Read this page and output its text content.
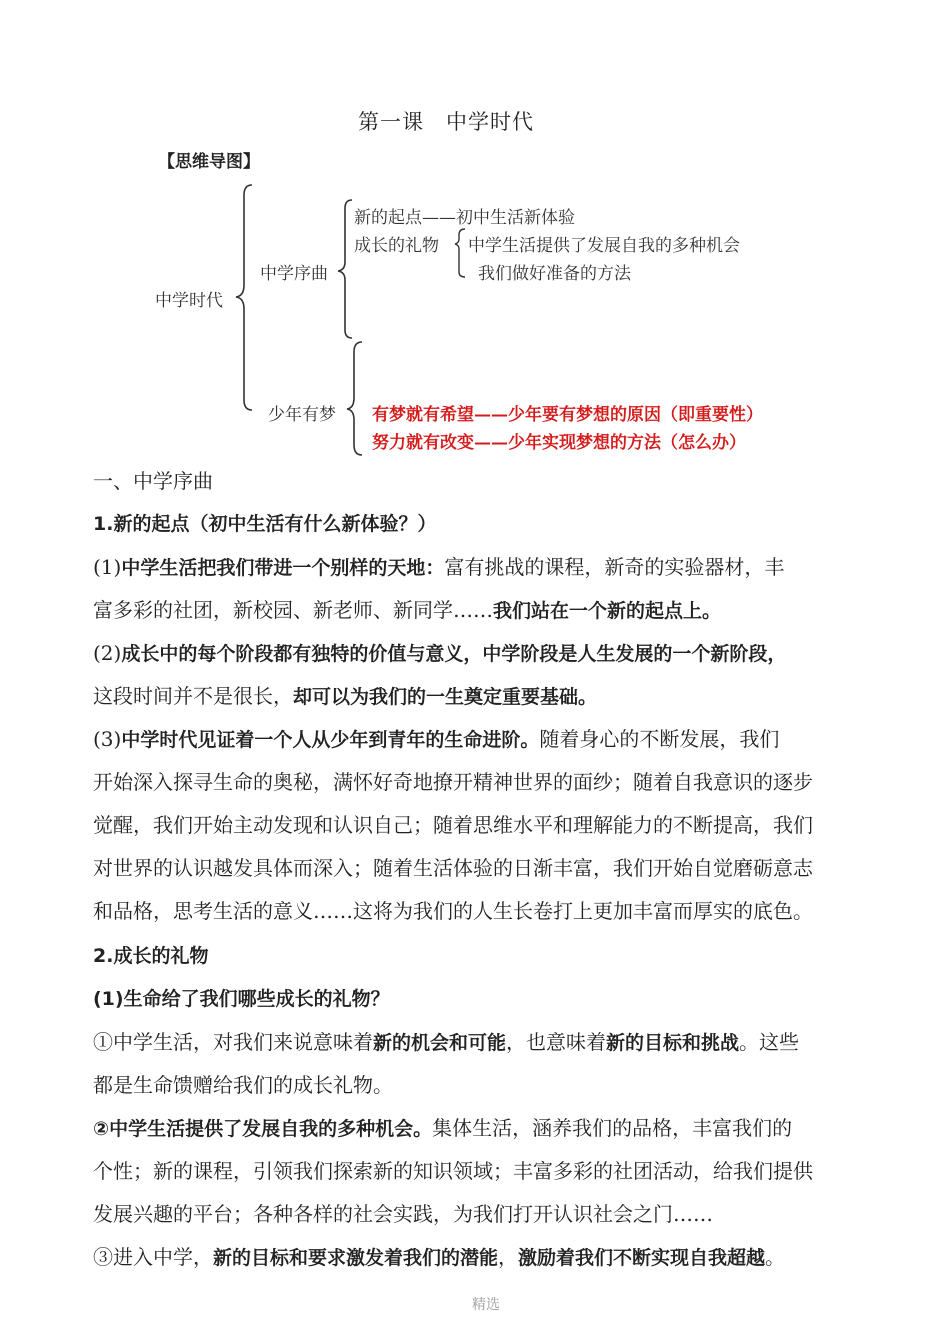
第一课　中学时代
【思维导图】
中学时代
中学序曲
新的起点——初中生活新体验
成长的礼物 中学生活提供了发展自我的多种机会
我们做好准备的方法
少年有梦 有梦就有希望——少年要有梦想的原因（即重要性）
努力就有改变——少年实现梦想的方法（怎么办）
一、中学序曲
1.新的起点（初中生活有什么新体验？）
(1)中学生活把我们带进一个别样的天地：富有挑战的课程，新奇的实验器材，丰
富多彩的社团，新校园、新老师、新同学……我们站在一个新的起点上。
(2)成长中的每个阶段都有独特的价值与意义，中学阶段是人生发展的一个新阶段，
这段时间并不是很长，却可以为我们的一生奠定重要基础。
(3)中学时代见证着一个人从少年到青年的生命进阶。随着身心的不断发展，我们
开始深入探寻生命的奥秘，满怀好奇地撩开精神世界的面纱；随着自我意识的逐步
觉醒，我们开始主动发现和认识自己；随着思维水平和理解能力的不断提高，我们
对世界的认识越发具体而深入；随着生活体验的日渐丰富，我们开始自觉磨砺意志
和品格，思考生活的意义……这将为我们的人生长卷打上更加丰富而厚实的底色。
2.成长的礼物
(1)生命给了我们哪些成长的礼物？
①中学生活，对我们来说意味着新的机会和可能，也意味着新的目标和挑战。这些
都是生命馈赠给我们的成长礼物。
②中学生活提供了发展自我的多种机会。集体生活，涵养我们的品格，丰富我们的
个性；新的课程，引领我们探索新的知识领域；丰富多彩的社团活动，给我们提供
发展兴趣的平台；各种各样的社会实践，为我们打开认识社会之门……
③进入中学，新的目标和要求激发着我们的潜能，激励着我们不断实现自我超越。
精选
